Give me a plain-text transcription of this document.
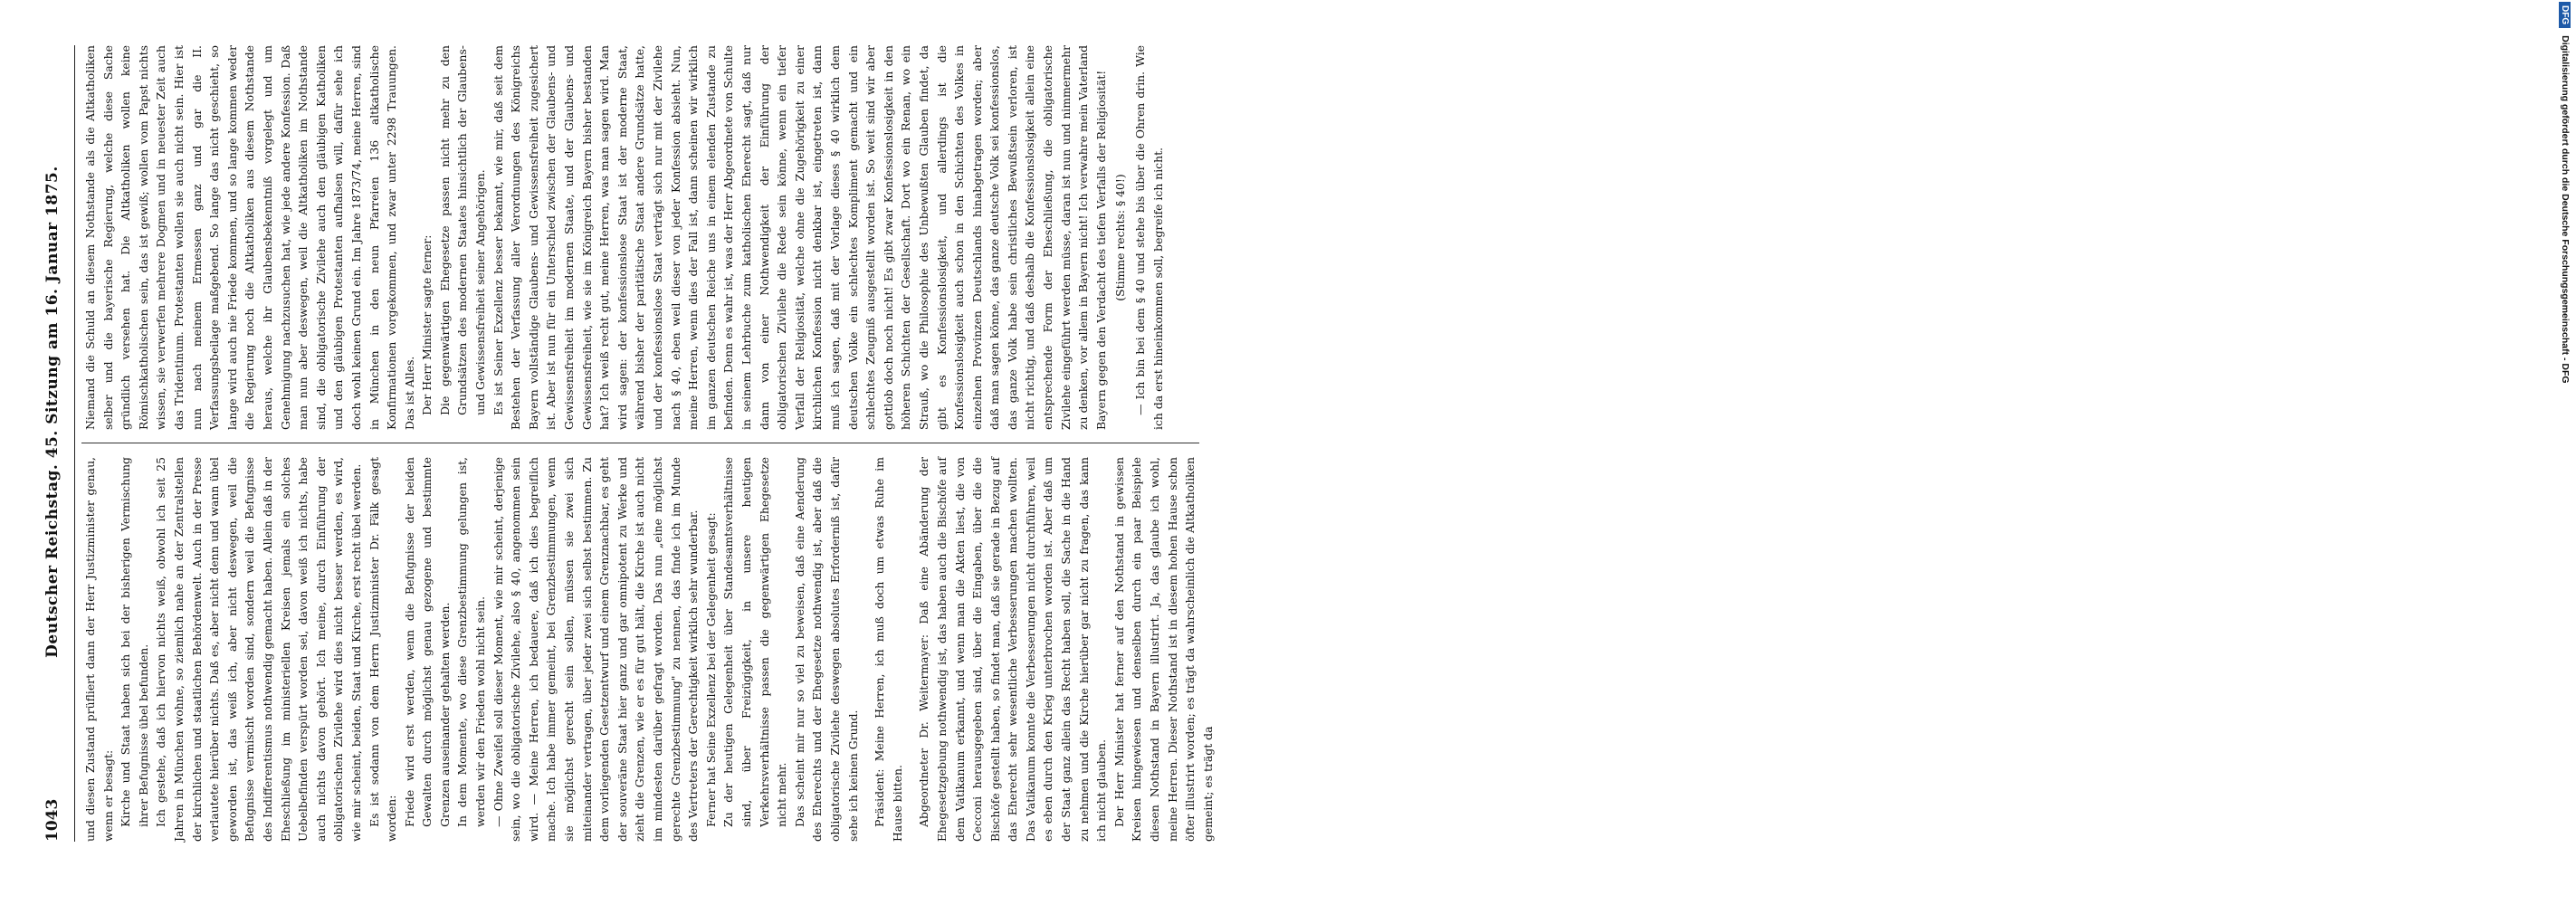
1043
Deutscher Reichstag. 45. Sitzung am 16. Januar 1875. und diesen Zustand prüfliert dann der Herr Justizminister genau, wenn er besagt: Kirche und Staat haben sich bei der bisherigen Vermischung ihrer Befugnisse übel befunden. Ich gestehe, daß ich hiervon nichts weiß, obwohl ich seit 25 Jahren in München wohne, so ziemlich nahe an der Zentralstellen der kirchlichen und staatlichen Behördenwelt. Auch in der Presse verlautete hierüber nichts. Daß es, aber nicht denn und wann übel geworden ist, das weiß ich, aber nicht deswegen, weil die Befugnisse vermischt worden sind, sondern weil die Befugnisse des Indifferentismus nothwendig gemacht haben. Allein daß in der Eheschließung im ministeriellen Kreisen jemals ein solches Uebelbefinden verspürt worden sei, davon weiß ich nichts, habe auch nichts davon gehört. Ich meine, durch Einführung der obligatorischen Zivilehe wird dies nicht besser werden, es wird, wie mir scheint, beiden, Staat und Kirche, erst recht übel werden. Es ist sodann von dem Herrn Justizminister Dr. Fälk gesagt worden: Friede wird erst werden, wenn die Befugnisse der beiden Gewalten durch möglichst genau gezogene und bestimmte Grenzen auseinander gehalten werden. In dem Momente, wo diese Grenzbestimmung gelungen ist, werden wir den Frieden wohl nicht sein. — Ohne Zweifel soll dieser Moment, wie mir scheint, derjenige sein, wo die obligatorische Zivilehe, also § 40, angenommen sein wird. — Meine Herren, ich bedauere, daß ich dies begreiflich mache. Ich habe immer gemeint, bei Grenzbestimmungen, wenn sie möglichst gerecht sein sollen, müssen sie zwei sich miteinander vertragen, über jeder zwei sich selbst bestimmen. Zu dem vorliegenden Gesetzentwurf und einem Grenznachbar, es geht der souveräne Staat hier ganz und gar omnipotent zu Werke und zieht die Grenzen, wie er es für gut hält, die Kirche ist auch nicht im mindesten darüber gefragt worden. Das nun „eine möglichst gerechte Grenzbestimmung" zu nennen, das finde ich im Munde des Vertreters der Gerechtigkeit wirklich sehr wunderbar. Ferner hat Seine Exzellenz bei der Gelegenheit gesagt: Zu der heutigen Gelegenheit über Standesamtsverhältnisse sind, über Freizügigkeit, in unsere heutigen Verkehrsverhältnisse passen die gegenwärtigen Ehegesetze nicht mehr. Das scheint mir nur so viel zu beweisen, daß eine Aenderung des Eherechts und der Ehegesetze nothwendig ist, aber daß die obligatorische Zivilehe deswegen absolutes Erforderniß ist, dafür sehe ich keinen Grund. Präsident: Meine Herren, ich muß doch um etwas Ruhe im Hause bitten. Abgeordneter Dr. Weitermayer: Daß eine Abänderung der Ehegesetzgebung nothwendig ist, das haben auch die Bischöfe auf dem Vatikanum erkannt, und wenn man die Akten liest, die von Cecconi herausgegeben sind, über die Eingaben, über die die Bischöfe gestellt haben, so findet man, daß sie gerade in Bezug auf das Eherecht sehr wesentliche Verbesserungen machen wollten. Das Vatikanum konnte die Verbesserungen nicht durchführen, weil es eben durch den Krieg unterbrochen worden ist. Aber daß um der Staat ganz allein das Recht haben soll, die Sache in die Hand zu nehmen und die Kirche hierüber gar nicht zu fragen, das kann ich nicht glauben. Der Herr Minister hat ferner auf den Nothstand in gewissen Kreisen hingewiesen und denselben durch ein paar Beispiele diesen Nothstand in Bayern illustrirt. Ja, das glaube ich wohl, meine Herren. Dieser Nothstand ist in diesem hohen Hause schon öfter illustrirt worden; es trägt da wahrscheinlich die Altkatholiken gemeint; es trägt da

Niemand die Schuld an diesem Nothstande als die Altkatholiken selber und die bayerische Regierung, welche diese Sache gründlich versehen hat. Die Altkatholiken wollen keine Römischkatholischen sein, das ist gewiß; wollen vom Papst nichts wissen, sie verwerfen mehrere Dogmen und in neuester Zeit auch das Tridentinum. Protestanten wollen sie auch nicht sein. Hier ist nun nach meinem Ermessen ganz und gar die II. Verfassungsbeilage maßgebend. So lange das nicht geschieht, so lange wird auch nie Friede kommen, und so lange kommen weder die Regierung noch die Altkatholiken aus diesem Nothstande heraus, welche ihr Glaubensbekenntniß vorgelegt und um Genehmigung nachzusuchen hat, wie jede andere Konfession. Daß man nun aber deswegen, weil die Altkatholiken im Nothstande sind, die obligatorische Zivilehe auch den gläubigen Katholiken und den gläubigen Protestanten aufhalsen will, dafür sehe ich doch wohl keinen Grund ein. Im Jahre 1873/74, meine Herren, sind in München in den neun Pfarreien 136 altkatholische Konfirmationen vorgekommen, und zwar unter 2298 Trauungen. Das ist Alles. Der Herr Minister sagte ferner: Die gegenwärtigen Ehegesetze passen nicht mehr zu den Grundsätzen des modernen Staates hinsichtlich der Glaubens- und Gewissensfreiheit seiner Angehörigen. Es ist Seiner Exzellenz besser bekannt, wie mir, daß seit dem Bestehen der Verfassung aller Verordnungen des Königreichs Bayern vollständige Glaubens- und Gewissensfreiheit zugesichert ist. Aber ist nun für ein Unterschied zwischen der Glaubens- und Gewissensfreiheit im modernen Staate, und der Glaubens- und Gewissensfreiheit, wie sie im Königreich Bayern bisher bestanden hat? Ich weiß recht gut, meine Herren, was man sagen wird. Man wird sagen: der konfessionslose Staat ist der moderne Staat, während bisher der paritätische Staat andere Grundsätze hatte, und der konfessionslose Staat verträgt sich nur mit der Zivilehe nach § 40, eben weil dieser von jeder Konfession absieht. Nun, meine Herren, wenn dies der Fall ist, dann scheinen wir wirklich im ganzen deutschen Reiche uns in einem elenden Zustande zu befinden. Denn es wahr ist, was der Herr Abgeordnete von Schulte in seinem Lehrbuche zum katholischen Eherecht sagt, daß nur dann von einer Nothwendigkeit der Einführung der obligatorischen Zivilehe die Rede sein könne, wenn ein tiefer Verfall der Religiosität, welche ohne die Zugehörigkeit zu einer kirchlichen Konfession nicht denkbar ist, eingetreten ist, dann muß ich sagen, daß mit der Vorlage dieses § 40 wirklich dem deutschen Volke ein schlechtes Kompliment gemacht und ein schlechtes Zeugniß ausgestellt worden ist. So weit sind wir aber gottlob doch noch nicht! Es gibt zwar Konfessionslosigkeit in den höheren Schichten der Gesellschaft. Dort wo ein Renan, wo ein Strauß, wo die Philosophie des Unbewußten Glauben findet, da gibt es Konfessionslosigkeit, und allerdings ist die Konfessionslosigkeit auch schon in den Schichten des Volkes in einzelnen Provinzen Deutschlands hinabgetragen worden; aber daß man sagen könne, das ganze deutsche Volk sei konfessionslos, das ganze Volk habe sein christliches Bewußtsein verloren, ist nicht richtig, und daß deshalb die Konfessionslosigkeit allein eine entsprechende Form der Eheschließung, die obligatorische Zivilehe eingeführt werden müsse, daran ist nun und nimmermehr zu denken, vor allem in Bayern nicht! Ich verwahre mein Vaterland Bayern gegen den Verdacht des tiefen Verfalls der Religiosität! (Stimme rechts: § 40!) — Ich bin bei dem § 40 und stehe bis über die Ohren drin. Wie ich da erst hineinkommen soll, begreife ich nicht.

DFGDigitalisierung gefördert durch die Deutsche Forschungsgemeinschaft - DFG
